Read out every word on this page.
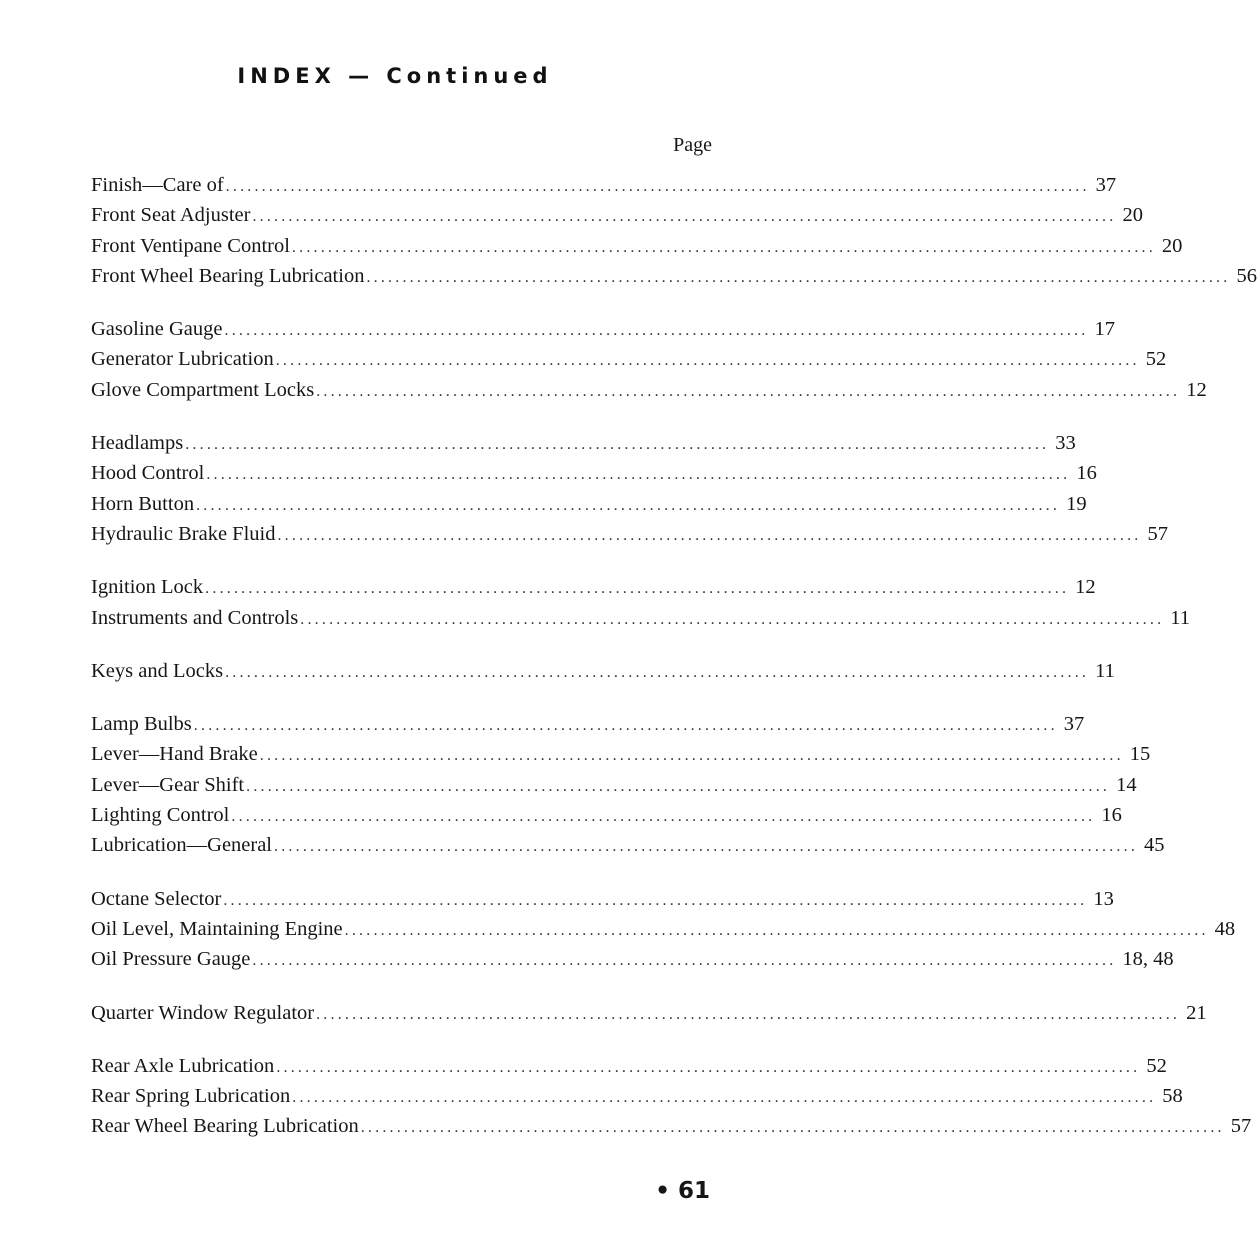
INDEX — Continued
Page
Finish—Care of ........................................................................................................................ 37
Front Seat Adjuster ........................................................................................................................ 20
Front Ventipane Control ........................................................................................................................ 20
Front Wheel Bearing Lubrication ........................................................................................................................ 56
Gasoline Gauge ........................................................................................................................ 17
Generator Lubrication ........................................................................................................................ 52
Glove Compartment Locks ........................................................................................................................ 12
Headlamps ........................................................................................................................ 33
Hood Control ........................................................................................................................ 16
Horn Button ........................................................................................................................ 19
Hydraulic Brake Fluid ........................................................................................................................ 57
Ignition Lock ........................................................................................................................ 12
Instruments and Controls ........................................................................................................................ 11
Keys and Locks ........................................................................................................................ 11
Lamp Bulbs ........................................................................................................................ 37
Lever—Hand Brake ........................................................................................................................ 15
Lever—Gear Shift ........................................................................................................................ 14
Lighting Control ........................................................................................................................ 16
Lubrication—General ........................................................................................................................ 45
Octane Selector ........................................................................................................................ 13
Oil Level, Maintaining Engine ........................................................................................................................ 48
Oil Pressure Gauge ........................................................................................................................ 18, 48
Quarter Window Regulator ........................................................................................................................ 21
Rear Axle Lubrication ........................................................................................................................ 52
Rear Spring Lubrication ........................................................................................................................ 58
Rear Wheel Bearing Lubrication ........................................................................................................................ 57
• 61
